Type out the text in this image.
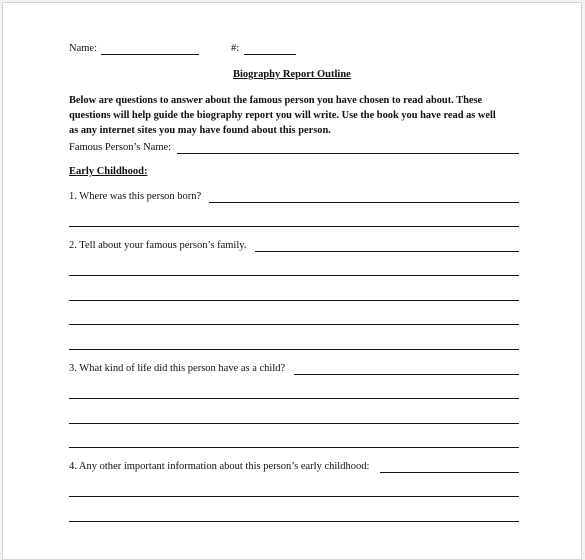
Name:	#:
Biography Report Outline
Below are questions to answer about the famous person you have chosen to read about. These
questions will help guide the biography report you will write. Use the book you have read as well
as any internet sites you may have found about this person.
Famous Person’s Name:
Early Childhood:
1. Where was this person born?
2. Tell about your famous person’s family.
3. What kind of life did this person have as a child?
4. Any other important information about this person’s early childhood:
